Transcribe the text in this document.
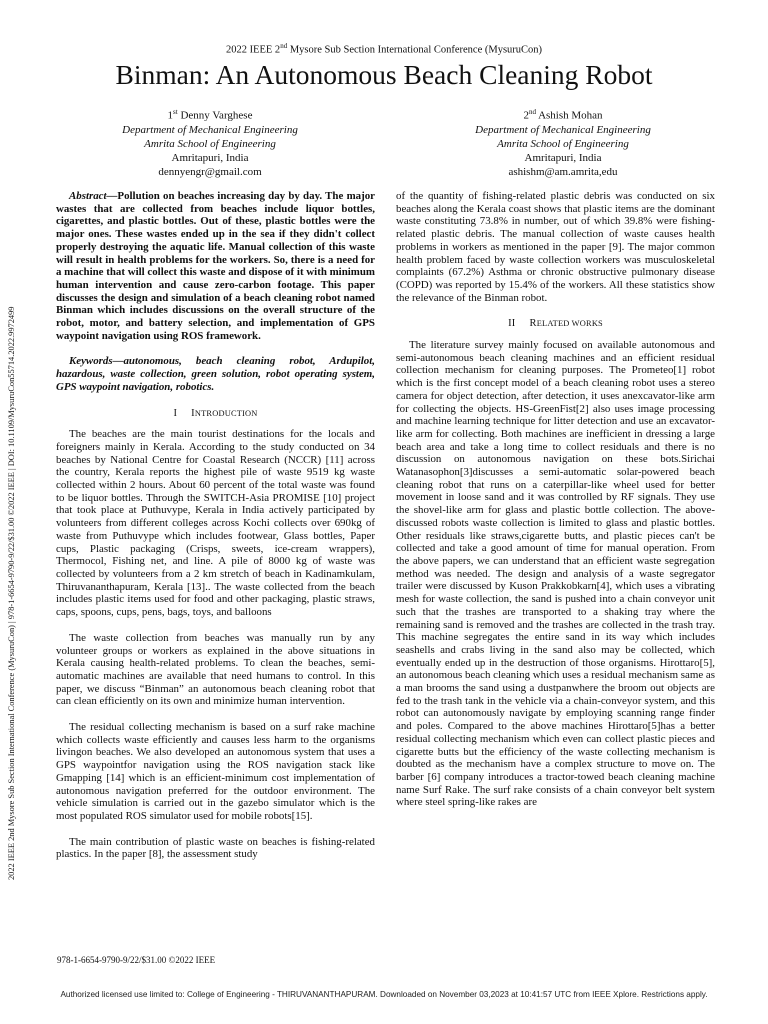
2022 IEEE 2nd Mysore Sub Section International Conference (MysuruCon)
Binman: An Autonomous Beach Cleaning Robot
1st Denny Varghese
Department of Mechanical Engineering
Amrita School of Engineering
Amritapuri, India
dennyengr@gmail.com
2nd Ashish Mohan
Department of Mechanical Engineering
Amrita School of Engineering
Amritapuri, India
ashishm@am.amrita,edu
2022 IEEE 2nd Mysore Sub Section International Conference (MysuruCon) | 978-1-6654-9790-9/22/$31.00 ©2022 IEEE | DOI: 10.1109/MysuruCon55714.2022.9972499

Abstract—Pollution on beaches increasing day by day. The major wastes that are collected from beaches include liquor bottles, cigarettes, and plastic bottles. Out of these, plastic bottles were the major ones. These wastes ended up in the sea if they didn't collect properly destroying the aquatic life. Manual collection of this waste will result in health problems for the workers. So, there is a need for a machine that will collect this waste and dispose of it with minimum human intervention and cause zero-carbon footage. This paper discusses the design and simulation of a beach cleaning robot named Binman which includes discussions on the overall structure of the robot, motor, and battery selection, and implementation of GPS waypoint navigation using ROS framework.

Keywords—autonomous, beach cleaning robot, Ardupilot, hazardous, waste collection, green solution, robot operating system, GPS waypoint navigation, robotics.

I INTRODUCTION

The beaches are the main tourist destinations for the locals and foreigners mainly in Kerala. According to the study conducted on 34 beaches by National Centre for Coastal Research (NCCR) [11] across the country, Kerala reports the highest pile of waste 9519 kg waste collected within 2 hours. About 60 percent of the total waste was found to be liquor bottles. Through the SWITCH-Asia PROMISE [10] project that took place at Puthuvype, Kerala in India actively participated by volunteers from different colleges across Kochi collects over 690kg of waste from Puthuvype which includes footwear, Glass bottles, Paper cups, Plastic packaging (Crisps, sweets, ice-cream wrappers), Thermocol, Fishing net, and line. A pile of 8000 kg of waste was collected by volunteers from a 2 km stretch of beach in Kadinamkulam, Thiruvananthapuram, Kerala [13].. The waste collected from the beach includes plastic items used for food and other packaging, plastic straws, caps, spoons, cups, pens, bags, toys, and balloons

The waste collection from beaches was manually run by any volunteer groups or workers as explained in the above situations in Kerala causing health-related problems. To clean the beaches, semi-automatic machines are available that need humans to control. In this paper, we discuss “Binman” an autonomous beach cleaning robot that can clean efficiently on its own and minimize human intervention.

The residual collecting mechanism is based on a surf rake machine which collects waste efficiently and causes less harm to the organisms livingon beaches. We also developed an autonomous system that uses a GPS waypointfor navigation using the ROS navigation stack like Gmapping [14] which is an efficient-minimum cost implementation of autonomous navigation preferred for the outdoor environment. The vehicle simulation is carried out in the gazebo simulator which is the most populated ROS simulator used for mobile robots[15].

The main contribution of plastic waste on beaches is fishing-related plastics. In the paper [8], the assessment study

of the quantity of fishing-related plastic debris was conducted on six beaches along the Kerala coast shows that plastic items are the dominant waste constituting 73.8% in number, out of which 39.8% were fishing-related plastic debris. The manual collection of waste causes health problems in workers as mentioned in the paper [9]. The major common health problem faced by waste collection workers was musculoskeletal complaints (67.2%) Asthma or chronic obstructive pulmonary disease (COPD) was reported by 15.4% of the workers. All these statistics show the relevance of the Binman robot.

II RELATED WORKS

The literature survey mainly focused on available autonomous and semi-autonomous beach cleaning machines and an efficient residual collection mechanism for cleaning purposes. The Prometeo[1] robot which is the first concept model of a beach cleaning robot uses a stereo camera for object detection, after detection, it uses anexcavator-like arm for collecting the objects. HS-GreenFist[2] also uses image processing and machine learning technique for litter detection and use an excavator-like arm for collecting. Both machines are inefficient in dressing a large beach area and take a long time to collect residuals and there is no discussion on autonomous navigation on these bots.Sirichai Watanasophon[3]discusses a semi-automatic solar-powered beach cleaning robot that runs on a caterpillar-like wheel used for better movement in loose sand and it was controlled by RF signals. They use the shovel-like arm for glass and plastic bottle collection. The above-discussed robots waste collection is limited to glass and plastic bottles. Other residuals like straws,cigarette butts, and plastic pieces can't be collected and take a good amount of time for manual operation. From the above papers, we can understand that an efficient waste segregation method was needed. The design and analysis of a waste segregator trailer were discussed by Kuson Prakkobkarn[4], which uses a vibrating mesh for waste collection, the sand is pushed into a chain conveyor unit such that the trashes are transported to a shaking tray where the remaining sand is removed and the trashes are collected in the trash tray. This machine segregates the entire sand in its way which includes seashells and crabs living in the sand also may be collected, which eventually ended up in the destruction of those organisms. Hirottaro[5], an autonomous beach cleaning which uses a residual mechanism same as a man brooms the sand using a dustpanwhere the broom out objects are fed to the trash tank in the vehicle via a chain-conveyor system, and this robot can autonomously navigate by employing scanning range finder and poles. Compared to the above machines Hirottaro[5]has a better residual collecting mechanism which even can collect plastic pieces and cigarette butts but the efficiency of the waste collecting mechanism is doubted as the mechanism have a complex structure to move on. The barber [6] company introduces a tractor-towed beach cleaning machine name Surf Rake. The surf rake consists of a chain conveyor belt system where steel spring-like rakes are

978-1-6654-9790-9/22/$31.00 ©2022 IEEE
Authorized licensed use limited to: College of Engineering - THIRUVANANTHAPURAM. Downloaded on November 03,2023 at 10:41:57 UTC from IEEE Xplore. Restrictions apply.
